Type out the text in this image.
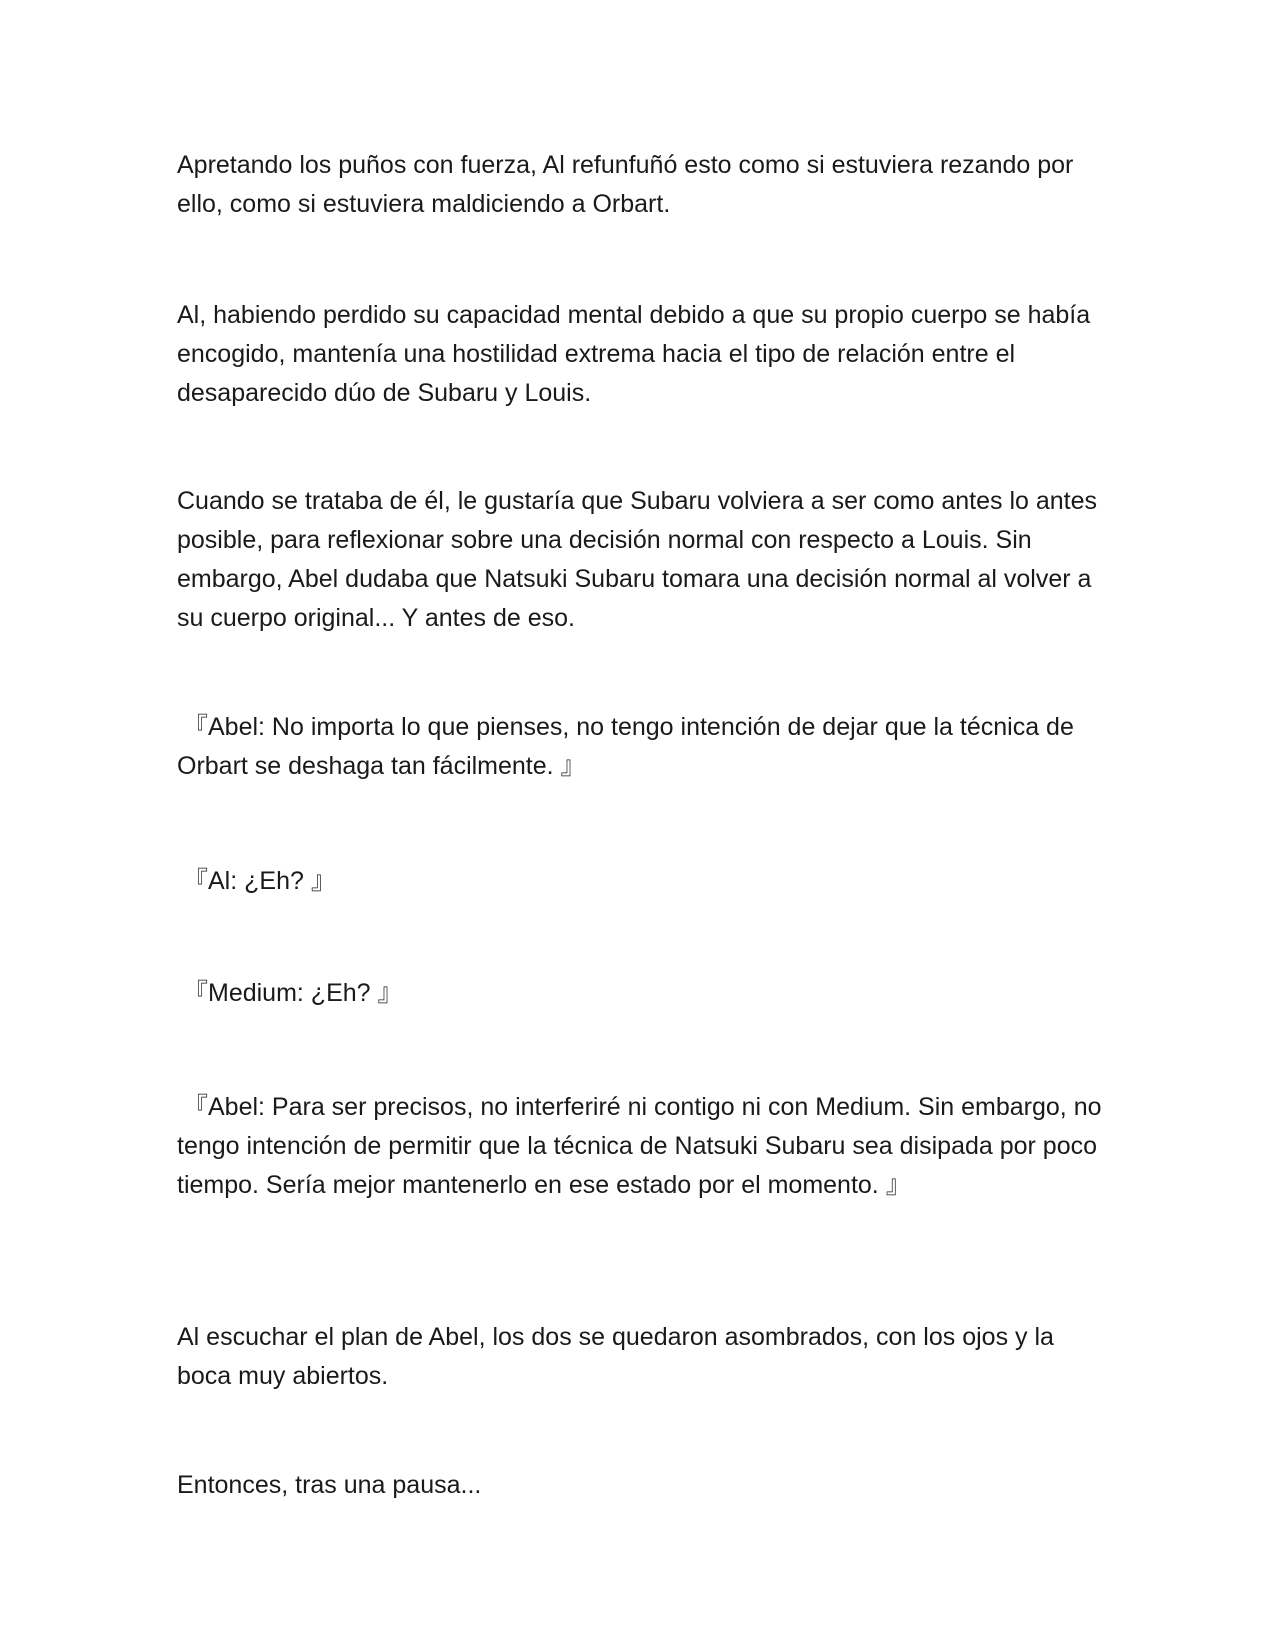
Apretando los puños con fuerza, Al refunfuñó esto como si estuviera rezando por ello, como si estuviera maldiciendo a Orbart.

Al, habiendo perdido su capacidad mental debido a que su propio cuerpo se había encogido, mantenía una hostilidad extrema hacia el tipo de relación entre el desaparecido dúo de Subaru y Louis.

Cuando se trataba de él, le gustaría que Subaru volviera a ser como antes lo antes posible, para reflexionar sobre una decisión normal con respecto a Louis. Sin embargo, Abel dudaba que Natsuki Subaru tomara una decisión normal al volver a su cuerpo original... Y antes de eso.

『Abel: No importa lo que pienses, no tengo intención de dejar que la técnica de Orbart se deshaga tan fácilmente. 』

『Al: ¿Eh? 』

『Medium: ¿Eh? 』

『Abel: Para ser precisos, no interferiré ni contigo ni con Medium. Sin embargo, no tengo intención de permitir que la técnica de Natsuki Subaru sea disipada por poco tiempo. Sería mejor mantenerlo en ese estado por el momento. 』

Al escuchar el plan de Abel, los dos se quedaron asombrados, con los ojos y la boca muy abiertos.

Entonces, tras una pausa...
